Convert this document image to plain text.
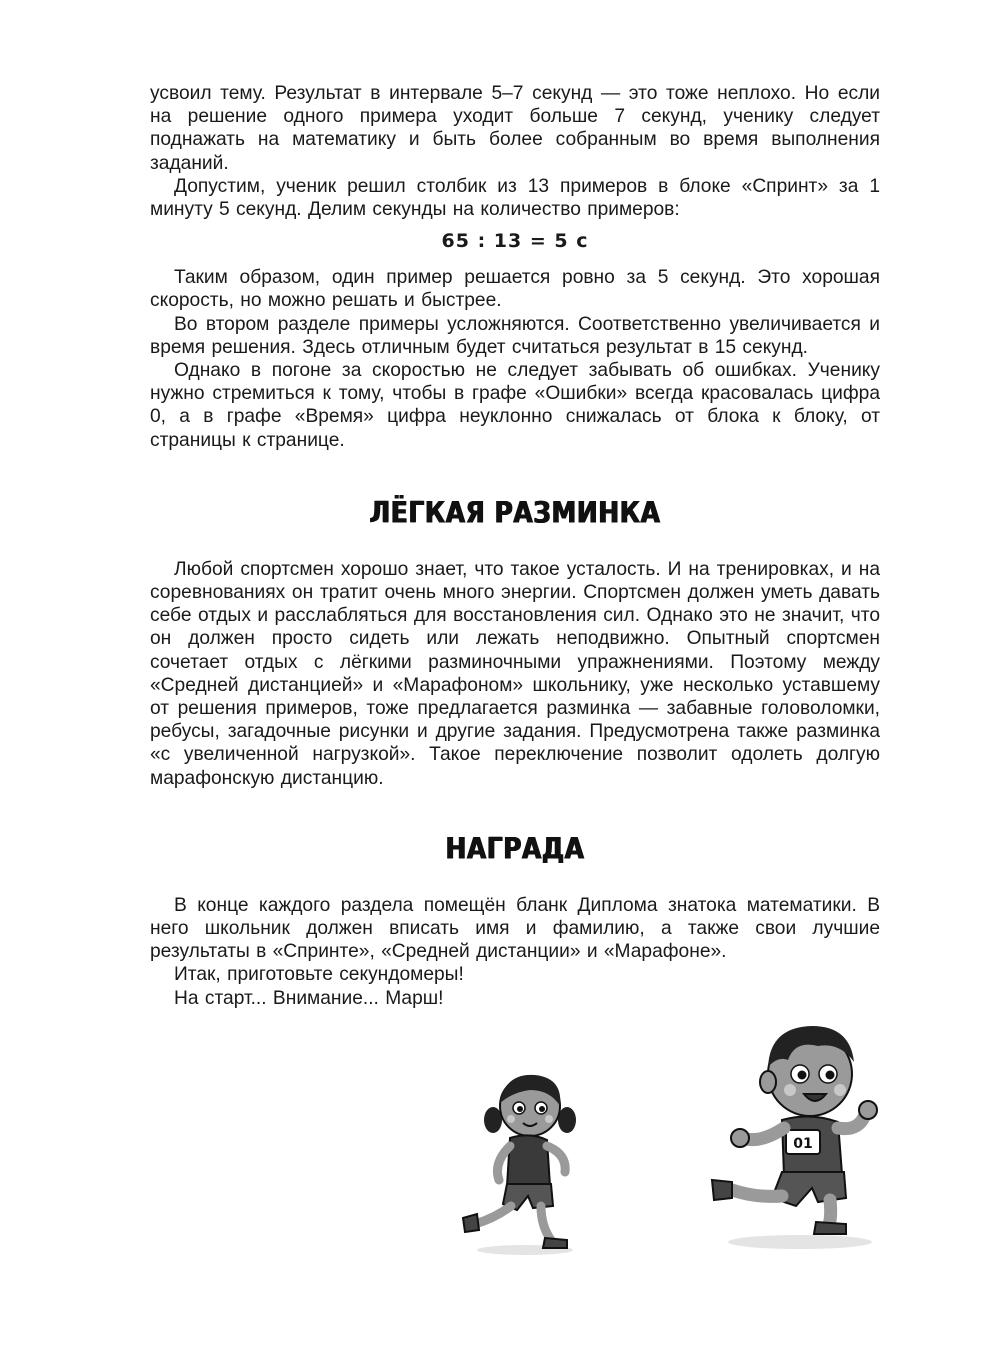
усвоил тему. Результат в интервале 5–7 секунд — это тоже неплохо. Но если на решение одного примера уходит больше 7 секунд, ученику следует поднажать на математику и быть более собранным во время выполнения заданий.

Допустим, ученик решил столбик из 13 примеров в блоке «Спринт» за 1 минуту 5 секунд. Делим секунды на количество примеров:

65 : 13 = 5 с

Таким образом, один пример решается ровно за 5 секунд. Это хорошая скорость, но можно решать и быстрее.

Во втором разделе примеры усложняются. Соответственно увеличивается и время решения. Здесь отличным будет считаться результат в 15 секунд.

Однако в погоне за скоростью не следует забывать об ошибках. Ученику нужно стремиться к тому, чтобы в графе «Ошибки» всегда красовалась цифра 0, а в графе «Время» цифра неуклонно снижалась от блока к блоку, от страницы к странице.

ЛЁГКАЯ РАЗМИНКА

Любой спортсмен хорошо знает, что такое усталость. И на тренировках, и на соревнованиях он тратит очень много энергии. Спортсмен должен уметь давать себе отдых и расслабляться для восстановления сил. Однако это не значит, что он должен просто сидеть или лежать неподвижно. Опытный спортсмен сочетает отдых с лёгкими разминочными упражнениями. Поэтому между «Средней дистанцией» и «Марафоном» школьнику, уже несколько уставшему от решения примеров, тоже предлагается разминка — забавные головоломки, ребусы, загадочные рисунки и другие задания. Предусмотрена также разминка «с увеличенной нагрузкой». Такое переключение позволит одолеть долгую марафонскую дистанцию.

НАГРАДА

В конце каждого раздела помещён бланк Диплома знатока математики. В него школьник должен вписать имя и фамилию, а также свои лучшие результаты в «Спринте», «Средней дистанции» и «Марафоне».

Итак, приготовьте секундомеры!

На старт... Внимание... Марш!

01
